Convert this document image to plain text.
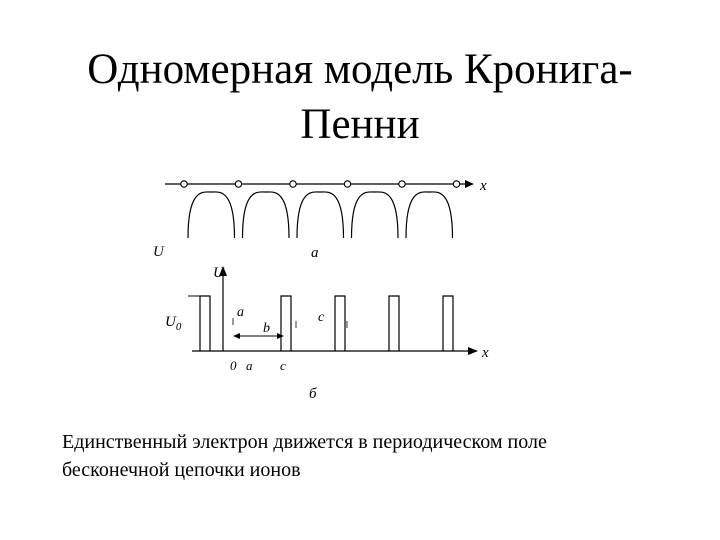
Одномерная модель Кронига-
Пенни
x
U	а
x
U
$U_0$
a
b
c
0 a c
б
Единственный электрон движется в периодическом поле
бесконечной цепочки ионов
